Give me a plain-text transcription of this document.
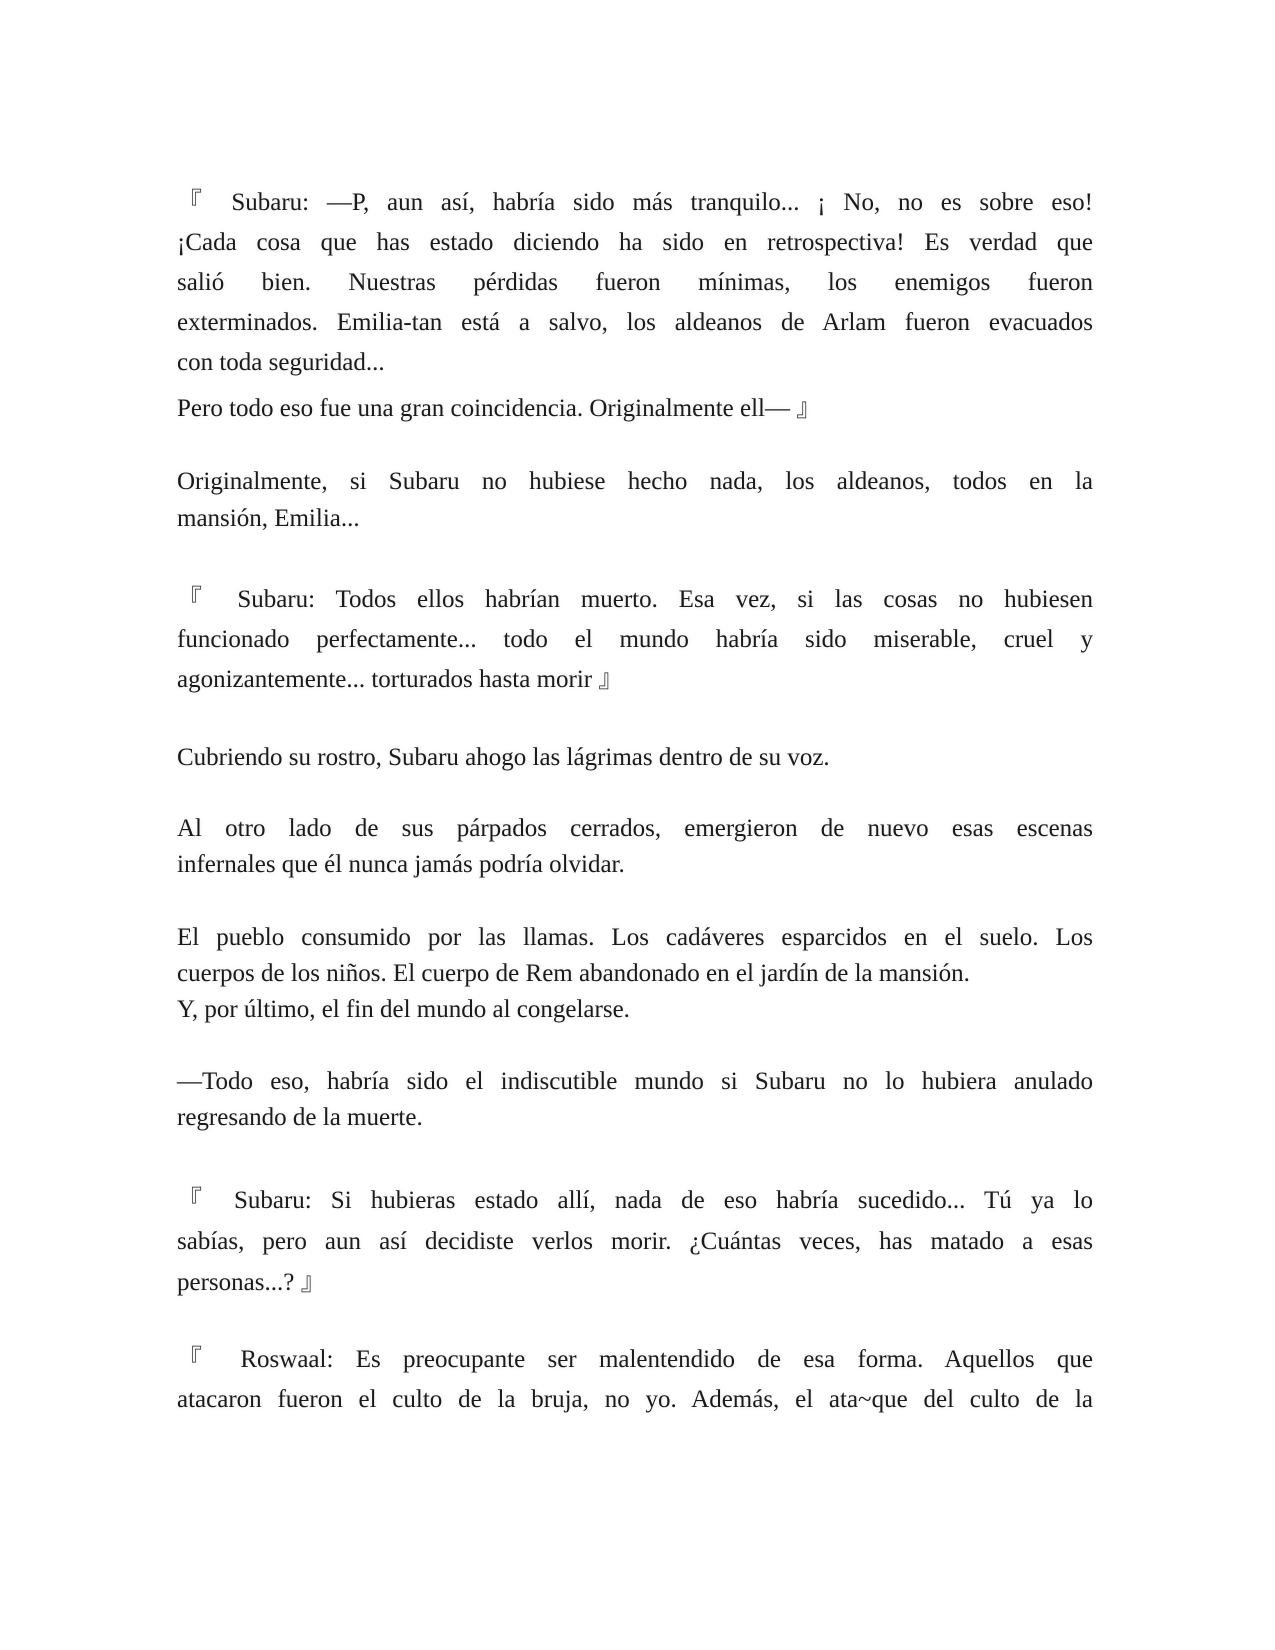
『 Subaru: —P, aun así, habría sido más tranquilo... ¡ No, no es sobre eso!
¡Cada cosa que has estado diciendo ha sido en retrospectiva! Es verdad que
salió bien. Nuestras pérdidas fueron mínimas, los enemigos fueron
exterminados. Emilia-tan está a salvo, los aldeanos de Arlam fueron evacuados
con toda seguridad...
Pero todo eso fue una gran coincidencia. Originalmente ell— 』
Originalmente, si Subaru no hubiese hecho nada, los aldeanos, todos en la
mansión, Emilia...
『 Subaru: Todos ellos habrían muerto. Esa vez, si las cosas no hubiesen
funcionado perfectamente... todo el mundo habría sido miserable, cruel y
agonizantemente... torturados hasta morir 』
Cubriendo su rostro, Subaru ahogo las lágrimas dentro de su voz.
Al otro lado de sus párpados cerrados, emergieron de nuevo esas escenas
infernales que él nunca jamás podría olvidar.
El pueblo consumido por las llamas. Los cadáveres esparcidos en el suelo. Los
cuerpos de los niños. El cuerpo de Rem abandonado en el jardín de la mansión.
Y, por último, el fin del mundo al congelarse.
—Todo eso, habría sido el indiscutible mundo si Subaru no lo hubiera anulado
regresando de la muerte.
『 Subaru: Si hubieras estado allí, nada de eso habría sucedido... Tú ya lo
sabías, pero aun así decidiste verlos morir. ¿Cuántas veces, has matado a esas
personas...? 』
『 Roswaal: Es preocupante ser malentendido de esa forma. Aquellos que
atacaron fueron el culto de la bruja, no yo. Además, el ata~que del culto de la
